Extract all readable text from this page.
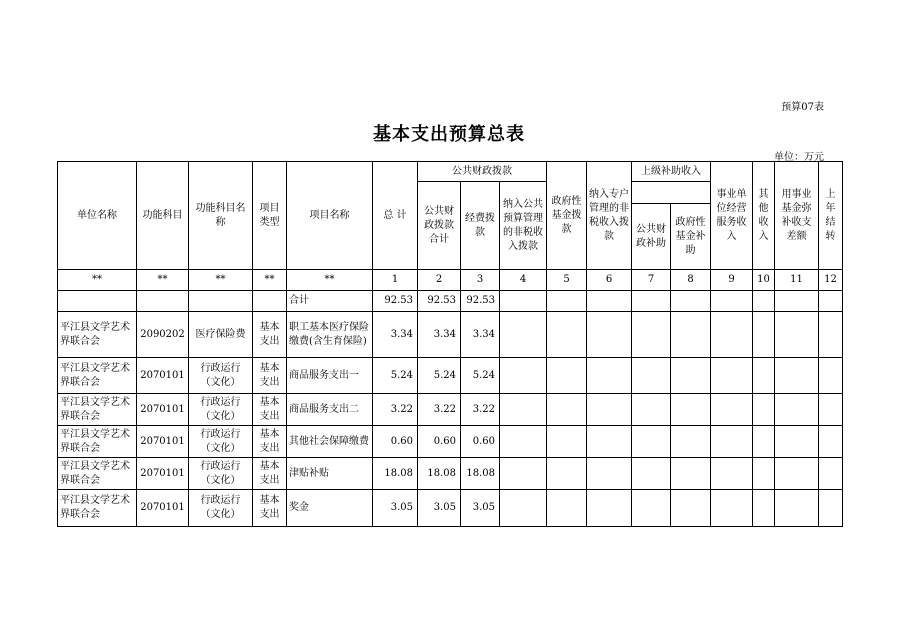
预算07表
基本支出预算总表
单位：万元
单位名称	功能科目	功能科目名称	项目类型	项目名称	总 计	公共财政拨款			政府性基金拨款	纳入专户管理的非税收入拨款	上级补助收入		事业单位经营服务收入	其他收入	用事业基金弥补收支差额	上年结转
						公共财政拨款合计	经费拨款	纳入公共预算管理的非税收入拨款								
											公共财政补助	政府性基金补助				
**	**	**	**	**	1	2	3	4	5	6	7	8	9	10	11	12
				合计	92.53	92.53	92.53									
平江县文学艺术界联合会	2090202	医疗保险费	基本支出	职工基本医疗保险缴费(含生育保险)	3.34	3.34	3.34									
平江县文学艺术界联合会	2070101	行政运行（文化）	基本支出	商品服务支出一	5.24	5.24	5.24									
平江县文学艺术界联合会	2070101	行政运行（文化）	基本支出	商品服务支出二	3.22	3.22	3.22									
平江县文学艺术界联合会	2070101	行政运行（文化）	基本支出	其他社会保障缴费	0.60	0.60	0.60									
平江县文学艺术界联合会	2070101	行政运行（文化）	基本支出	津贴补贴	18.08	18.08	18.08									
平江县文学艺术界联合会	2070101	行政运行（文化）	基本支出	奖金	3.05	3.05	3.05									
